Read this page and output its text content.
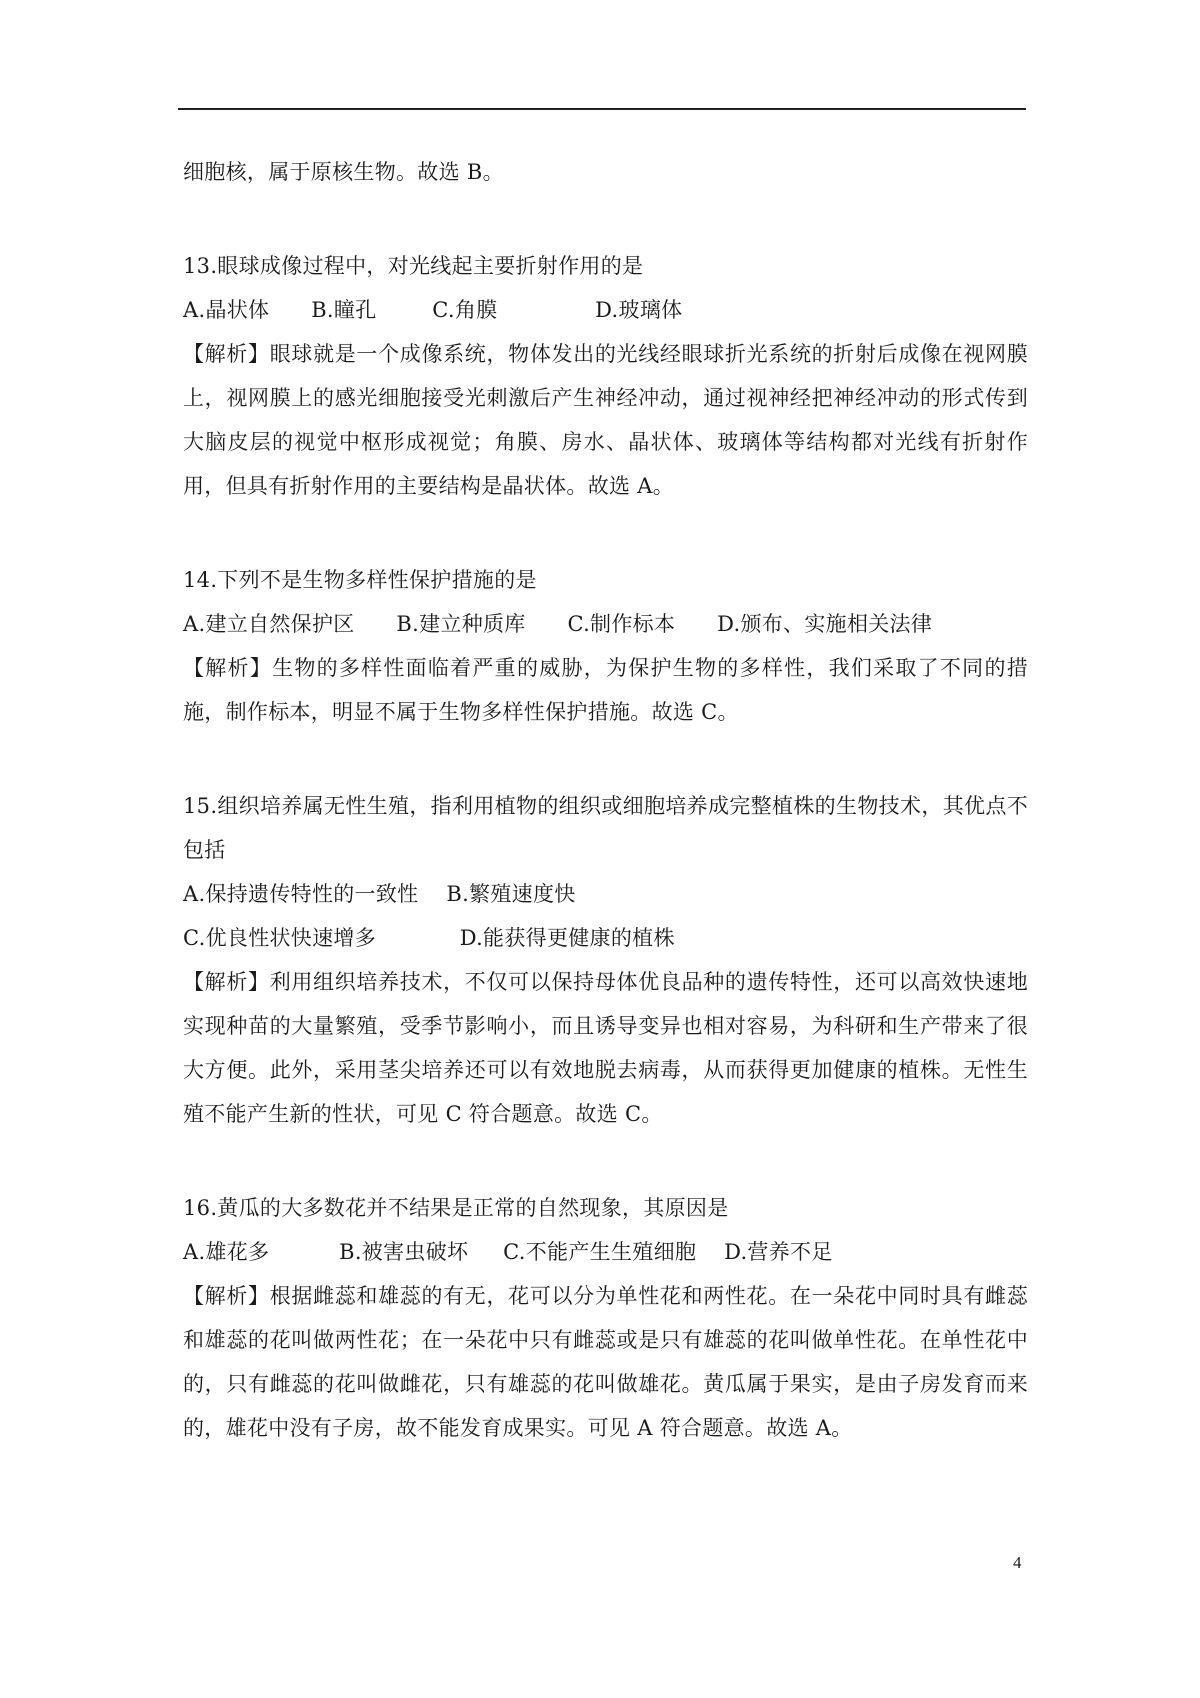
细胞核，属于原核生物。故选 B。

13.眼球成像过程中，对光线起主要折射作用的是

A.晶状体      B.瞳孔        C.角膜              D.玻璃体

【解析】眼球就是一个成像系统，物体发出的光线经眼球折光系统的折射后成像在视网膜上，视网膜上的感光细胞接受光刺激后产生神经冲动，通过视神经把神经冲动的形式传到大脑皮层的视觉中枢形成视觉；角膜、房水、晶状体、玻璃体等结构都对光线有折射作用，但具有折射作用的主要结构是晶状体。故选 A。

14.下列不是生物多样性保护措施的是

A.建立自然保护区      B.建立种质库      C.制作标本      D.颁布、实施相关法律

【解析】生物的多样性面临着严重的威胁，为保护生物的多样性，我们采取了不同的措施，制作标本，明显不属于生物多样性保护措施。故选 C。

15.组织培养属无性生殖，指利用植物的组织或细胞培养成完整植株的生物技术，其优点不包括

A.保持遗传特性的一致性    B.繁殖速度快

C.优良性状快速增多            D.能获得更健康的植株

【解析】利用组织培养技术，不仅可以保持母体优良品种的遗传特性，还可以高效快速地实现种苗的大量繁殖，受季节影响小，而且诱导变异也相对容易，为科研和生产带来了很大方便。此外，采用茎尖培养还可以有效地脱去病毒，从而获得更加健康的植株。无性生殖不能产生新的性状，可见 C 符合题意。故选 C。

16.黄瓜的大多数花并不结果是正常的自然现象，其原因是

A.雄花多          B.被害虫破坏     C.不能产生生殖细胞    D.营养不足

【解析】根据雌蕊和雄蕊的有无，花可以分为单性花和两性花。在一朵花中同时具有雌蕊和雄蕊的花叫做两性花；在一朵花中只有雌蕊或是只有雄蕊的花叫做单性花。在单性花中的，只有雌蕊的花叫做雌花，只有雄蕊的花叫做雄花。黄瓜属于果实，是由子房发育而来的，雄花中没有子房，故不能发育成果实。可见 A 符合题意。故选 A。

4
